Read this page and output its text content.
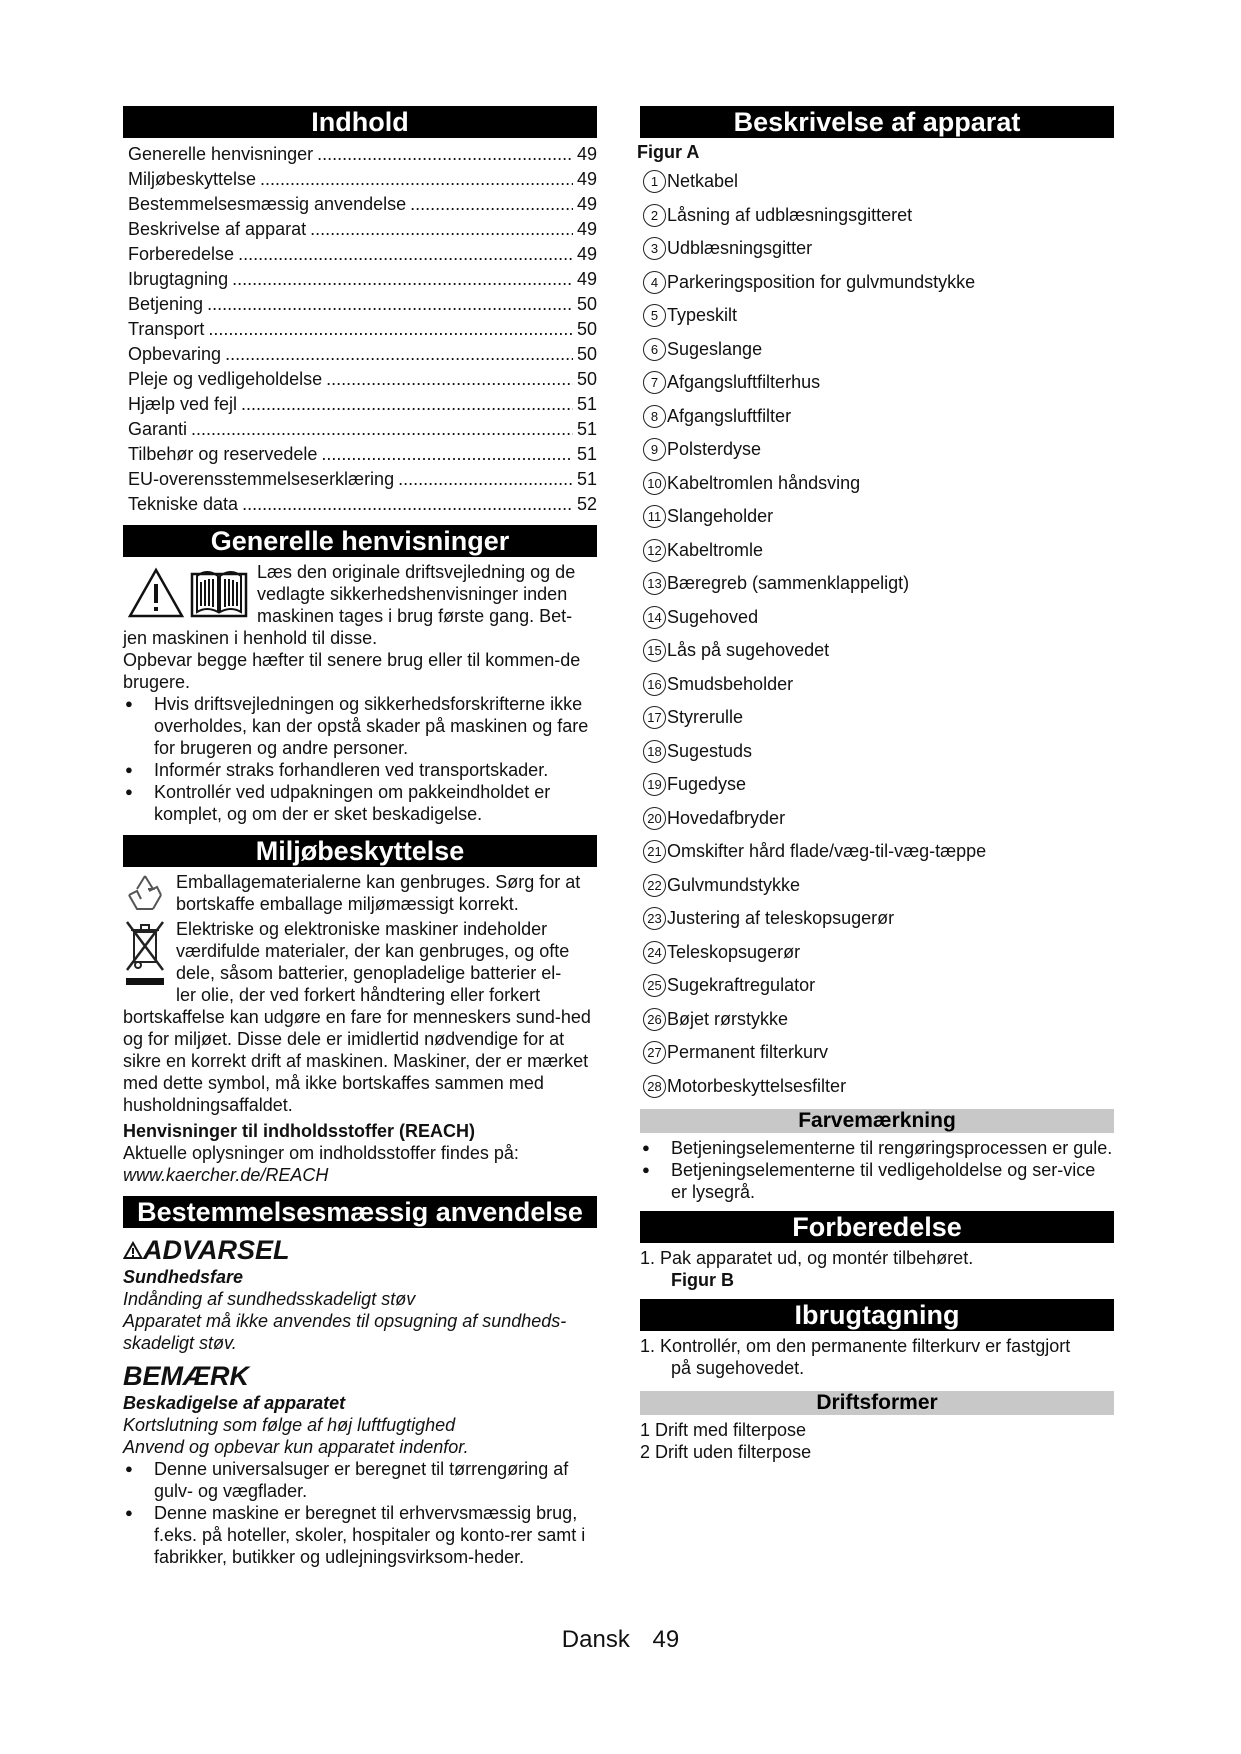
Indhold
Generelle henvisninger .....	49
Miljøbeskyttelse .....	49
Bestemmelsesmæssig anvendelse .....	49
Beskrivelse af apparat .....	49
Forberedelse .....	49
Ibrugtagning .....	49
Betjening .....	50
Transport .....	50
Opbevaring .....	50
Pleje og vedligeholdelse .....	50
Hjælp ved fejl .....	51
Garanti .....	51
Tilbehør og reservedele .....	51
EU-overensstemmelseserklæring .....	51
Tekniske data .....	52
Generelle henvisninger
Læs den originale driftsvejledning og de
vedlagte sikkerhedshenvisninger inden
maskinen tages i brug første gang. Bet-
jen maskinen i henhold til disse.
Opbevar begge hæfter til senere brug eller til kommen-de brugere.
● Hvis driftsvejledningen og sikkerhedsforskrifterne ikke overholdes, kan der opstå skader på maskinen og fare for brugeren og andre personer.
● Informér straks forhandleren ved transportskader.
● Kontrollér ved udpakningen om pakkeindholdet er komplet, og om der er sket beskadigelse.
Miljøbeskyttelse
Emballagematerialerne kan genbruges. Sørg for at bortskaffe emballage miljømæssigt korrekt.
Elektriske og elektroniske maskiner indeholder
værdifulde materialer, der kan genbruges, og ofte
dele, såsom batterier, genopladelige batterier el-
ler olie, der ved forkert håndtering eller forkert
bortskaffelse kan udgøre en fare for menneskers sund-hed og for miljøet. Disse dele er imidlertid nødvendige for at sikre en korrekt drift af maskinen. Maskiner, der er mærket med dette symbol, må ikke bortskaffes sammen med husholdningsaffaldet.
Henvisninger til indholdsstoffer (REACH)
Aktuelle oplysninger om indholdsstoffer findes på:
www.kaercher.de/REACH
Bestemmelsesmæssig anvendelse
ADVARSEL
Sundhedsfare
Indånding af sundhedsskadeligt støv
Apparatet må ikke anvendes til opsugning af sundheds-skadeligt støv.
BEMÆRK
Beskadigelse af apparatet
Kortslutning som følge af høj luftfugtighed
Anvend og opbevar kun apparatet indenfor.
● Denne universalsuger er beregnet til tørrengøring af gulv- og vægflader.
● Denne maskine er beregnet til erhvervsmæssig brug, f.eks. på hoteller, skoler, hospitaler og konto-rer samt i fabrikker, butikker og udlejningsvirksom-heder.
Beskrivelse af apparat
Figur A
1 Netkabel
2 Låsning af udblæsningsgitteret
3 Udblæsningsgitter
4 Parkeringsposition for gulvmundstykke
5 Typeskilt
6 Sugeslange
7 Afgangsluftfilterhus
8 Afgangsluftfilter
9 Polsterdyse
10 Kabeltromlen håndsving
11 Slangeholder
12 Kabeltromle
13 Bæregreb (sammenklappeligt)
14 Sugehoved
15 Lås på sugehovedet
16 Smudsbeholder
17 Styrerulle
18 Sugestuds
19 Fugedyse
20 Hovedafbryder
21 Omskifter hård flade/væg-til-væg-tæppe
22 Gulvmundstykke
23 Justering af teleskopsugerør
24 Teleskopsugerør
25 Sugekraftregulator
26 Bøjet rørstykke
27 Permanent filterkurv
28 Motorbeskyttelsesfilter
Farvemærkning
● Betjeningselementerne til rengøringsprocessen er gule.
● Betjeningselementerne til vedligeholdelse og ser-vice er lysegrå.
Forberedelse
1. Pak apparatet ud, og montér tilbehøret.
Figur B
Ibrugtagning
1. Kontrollér, om den permanente filterkurv er fastgjort
på sugehovedet.
Driftsformer
1 Drift med filterpose
2 Drift uden filterpose
Dansk 49
